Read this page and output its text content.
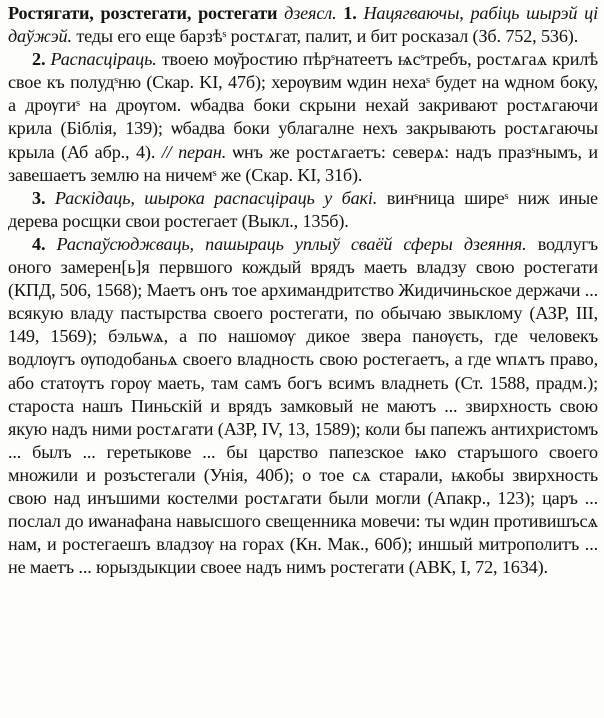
Ростягати, розстегати, ростегати дзеясл. 1. Нацягваючы, рабіць шырэй ці даўжэй. теды его еще барзѣˢ ростѧгат, палит, и бит росказал (Зб. 752, 536).

2. Распасціраць. твоею мѹ̆ростию пѣрˢнатеетъ ѩсˢтребъ, ростѧгаѧ крилѣ свое къ полудˢню (Скар. KI, 47б); херѹвим ѡдин нехаˢ будет на ѡдном боку, а дрѹгиˢ на дрѹгом. ѡбадва боки скрыни нехай закривают ростѧгаючи крила (Біблія, 139); ѡбадва боки ублагалне нехъ закрывають ростѧгаючы крыла (Аб абр., 4). // перан. ѡнъ же ростѧгаетъ: северѧ: надъ празˢнымъ, и завешаетъ землю на ничемˢ же (Скар. KI, 31б).

3. Раскідаць, шырока распасціраць у бакі. винˢница ширеˢ ниж иные дерева росщки свои ростегает (Выкл., 135б).

4. Распаўсюджваць, пашыраць уплыў сваёй сферы дзеяння. водлугъ оного замерен[ь]я первшого кождый врядъ маеть владзу свою ростегати (КПД, 506, 1568); Маетъ онъ тое архимандритство Жидичиньское держачи ... всякую владу пастырства своего ростегати, по обычаю звыклому (АЗР, III, 149, 1569); бэльѡѧ, а по нашомѹ дикое звера панѹєть, где человекъ водлѹгъ ѹподобаньѧ своего владность свою ростегаетъ, а где ѡпѧтъ право, або статѹтъ горѹ маеть, там самъ богъ всимъ владнеть (Ст. 1588, прадм.); староста нашъ Пиньскій и врядъ замковый не маютъ ... звирхность свою якую надъ ними ростѧгати (АЗР, IV, 13, 1589); коли бы папежъ антихристомъ ... былъ ... геретыкове ... бы царство папезское ѩко старъшого своего множили и розъстегали (Унія, 40б); о тое сѧ старали, ѩкобы звирхность свою над инъшими костелми ростѧгати были могли (Апакр., 123); царъ ... послал до иѡанафана навысшого свещенника мовечи: ты ѡдин противишъсѧ нам, и ростегаешъ владзѹ на горах (Кн. Мак., 60б); иншый митрополитъ ... не маетъ ... юрыздыкции своее надъ нимъ ростегати (АВК, I, 72, 1634).
